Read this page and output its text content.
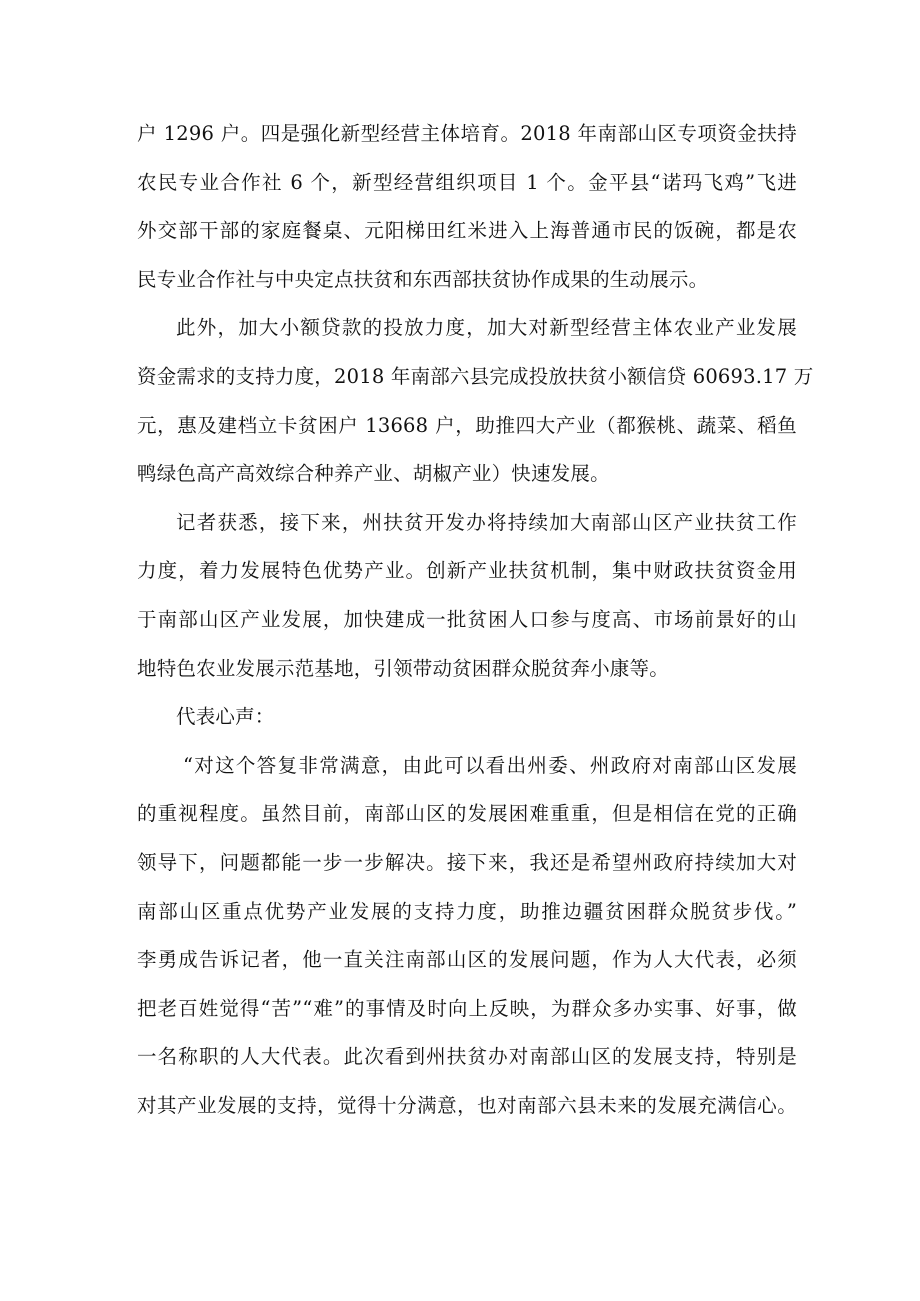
户 1296 户。四是强化新型经营主体培育。2018 年南部山区专项资金扶持
农民专业合作社 6 个，新型经营组织项目 1 个。金平县“诺玛飞鸡”飞进
外交部干部的家庭餐桌、元阳梯田红米进入上海普通市民的饭碗，都是农
民专业合作社与中央定点扶贫和东西部扶贫协作成果的生动展示。
此外，加大小额贷款的投放力度，加大对新型经营主体农业产业发展
资金需求的支持力度，2018 年南部六县完成投放扶贫小额信贷 60693.17 万
元，惠及建档立卡贫困户 13668 户，助推四大产业（都猴桃、蔬菜、稻鱼
鸭绿色高产高效综合种养产业、胡椒产业）快速发展。
记者获悉，接下来，州扶贫开发办将持续加大南部山区产业扶贫工作
力度，着力发展特色优势产业。创新产业扶贫机制，集中财政扶贫资金用
于南部山区产业发展，加快建成一批贫困人口参与度高、市场前景好的山
地特色农业发展示范基地，引领带动贫困群众脱贫奔小康等。
代表心声：
“对这个答复非常满意，由此可以看出州委、州政府对南部山区发展
的重视程度。虽然目前，南部山区的发展困难重重，但是相信在党的正确
领导下，问题都能一步一步解决。接下来，我还是希望州政府持续加大对
南部山区重点优势产业发展的支持力度，助推边疆贫困群众脱贫步伐。”
李勇成告诉记者，他一直关注南部山区的发展问题，作为人大代表，必须
把老百姓觉得“苦”“难”的事情及时向上反映，为群众多办实事、好事，做
一名称职的人大代表。此次看到州扶贫办对南部山区的发展支持，特别是
对其产业发展的支持，觉得十分满意，也对南部六县未来的发展充满信心。
